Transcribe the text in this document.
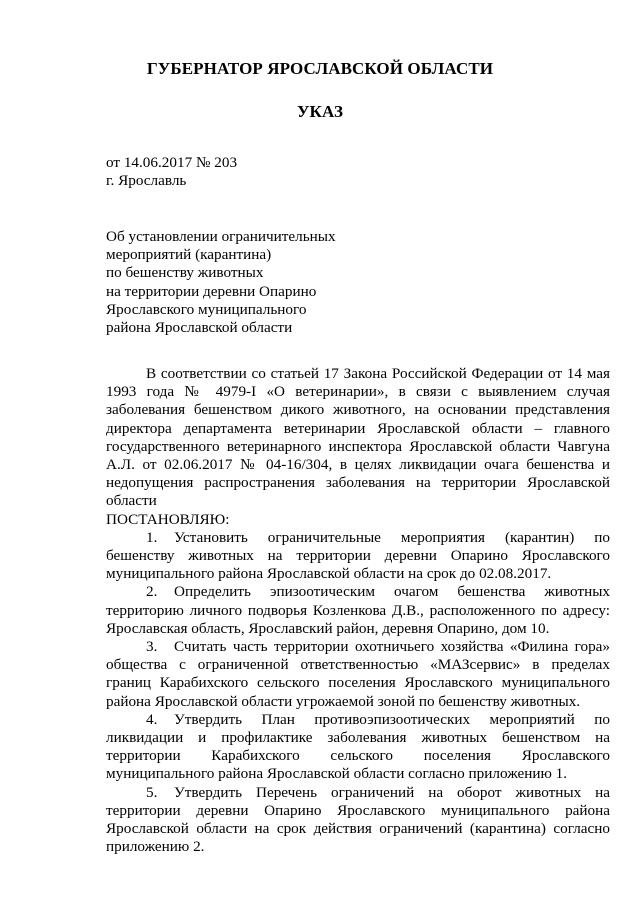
ГУБЕРНАТОР ЯРОСЛАВСКОЙ ОБЛАСТИ
УКАЗ
от 14.06.2017 № 203
г. Ярославль
Об установлении ограничительных
мероприятий (карантина)
по бешенству животных
на территории деревни Опарино
Ярославского муниципального
района Ярославской области

В соответствии со статьей 17 Закона Российской Федерации от 14 мая 1993 года № 4979-I «О ветеринарии», в связи с выявлением случая заболевания бешенством дикого животного, на основании представления директора департамента ветеринарии Ярославской области – главного государственного ветеринарного инспектора Ярославской области Чавгуна А.Л. от 02.06.2017 № 04-16/304, в целях ликвидации очага бешенства и недопущения распространения заболевания на территории Ярославской области

ПОСТАНОВЛЯЮ:

1. Установить ограничительные мероприятия (карантин) по бешенству животных на территории деревни Опарино Ярославского муниципального района Ярославской области на срок до 02.08.2017.

2. Определить эпизоотическим очагом бешенства животных территорию личного подворья Козленкова Д.В., расположенного по адресу: Ярославская область, Ярославский район, деревня Опарино, дом 10.

3. Считать часть территории охотничьего хозяйства «Филина гора» общества с ограниченной ответственностью «МАЗсервис» в пределах границ Карабихского сельского поселения Ярославского муниципального района Ярославской области угрожаемой зоной по бешенству животных.

4. Утвердить План противоэпизоотических мероприятий по ликвидации и профилактике заболевания животных бешенством на территории Карабихского сельского поселения Ярославского муниципального района Ярославской области согласно приложению 1.

5. Утвердить Перечень ограничений на оборот животных на территории деревни Опарино Ярославского муниципального района Ярославской области на срок действия ограничений (карантина) согласно приложению 2.
